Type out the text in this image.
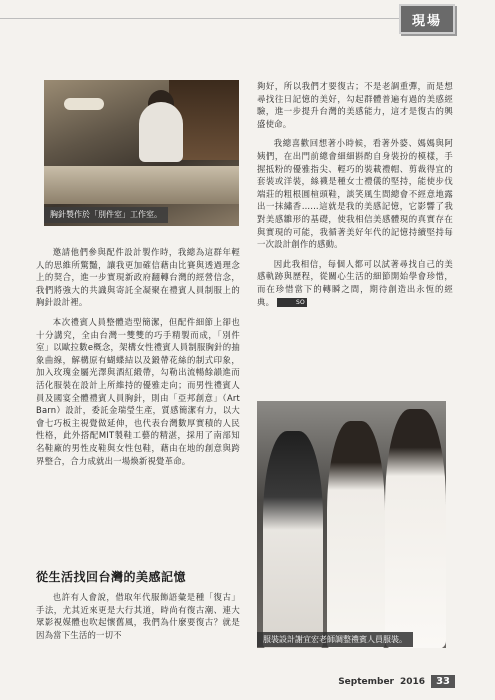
現場
胸針製作於「別件室」工作室。

邀請他們參與配件設計製作時，我總為這群年輕人的思維所驚豔，讓我更加確信藉由比賽與透過理念上的契合，進一步實現新政府翻轉台灣的經營信念，我們將強大的共識與寄託全凝聚在禮賓人員制服上的胸針設計裡。

本次禮賓人員整體造型簡潔，但配件細節上卻也十分講究，全由台灣一雙雙的巧手精製而成，「別件室」以歐拉數e概念，架構女性禮賓人員制服胸針的抽象曲線，解構原有蝴蝶結以及鍛帶花絲的制式印象，加入玫瑰金屬光澤與酒紅緞帶，勾勒出流暢餘韻進而活化服裝在設計上所維持的優雅走向；而男性禮賓人員及國宴全體禮賓人員胸針，則由「亞邦創意」（Art Barn）設計，委託金瑞瑩生產，質感簡潔有力，以大會七巧板主視覺做延伸，也代表台灣數厚實積的人民性格，此外搭配MIT製鞋工藝的精湛，採用了南部知名鞋廠的男性皮鞋與女性包鞋，藉由在地的創意與跨界整合，合力成就出一場煥新視覺革命。

從生活找回台灣的美感記憶

也許有人會說，借取年代服飾語彙是種「復古」手法，尤其近來更是大行其道，時尚有復古潮、連大眾影視媒體也吹起懷舊風，我們為什麼要復古？就是因為當下生活的一切不

夠好，所以我們才要復古；不是老調重彈，而是想尋找往日記憶的美好，勾起群體普遍有過的美感經驗，進一步提升台灣的美感能力，這才是復古的興盛使命。

我總喜歡回想著小時候，看著外婆、媽媽與阿姨們，在出門前總會細細斟酌自身裝扮的模樣，手握抵粉的優雅指尖、輕巧的裝載禮帽、剪裁得宜的套裝或洋裝，絲襪是種女士禮儀的堅持，能使步伐端莊的粗根圓楦頭鞋，談笑風生間總會不經意地露出一抹繡香……這就是我的美感記憶，它影響了我對美感雛形的基礎，使我相信美感體現的真實存在與實現的可能，我循著美好年代的記憶持續堅持每一次設計創作的感動。

因此我相信，每個人都可以試著尋找自己的美感軌跡與歷程，從關心生活的細節開始學會珍惜，而在珍惜當下的轉瞬之間，期待創造出永恆的經典。	SO

服裝設計謝宜宏老師調整禮賓人員服裝。
September 2016	33
